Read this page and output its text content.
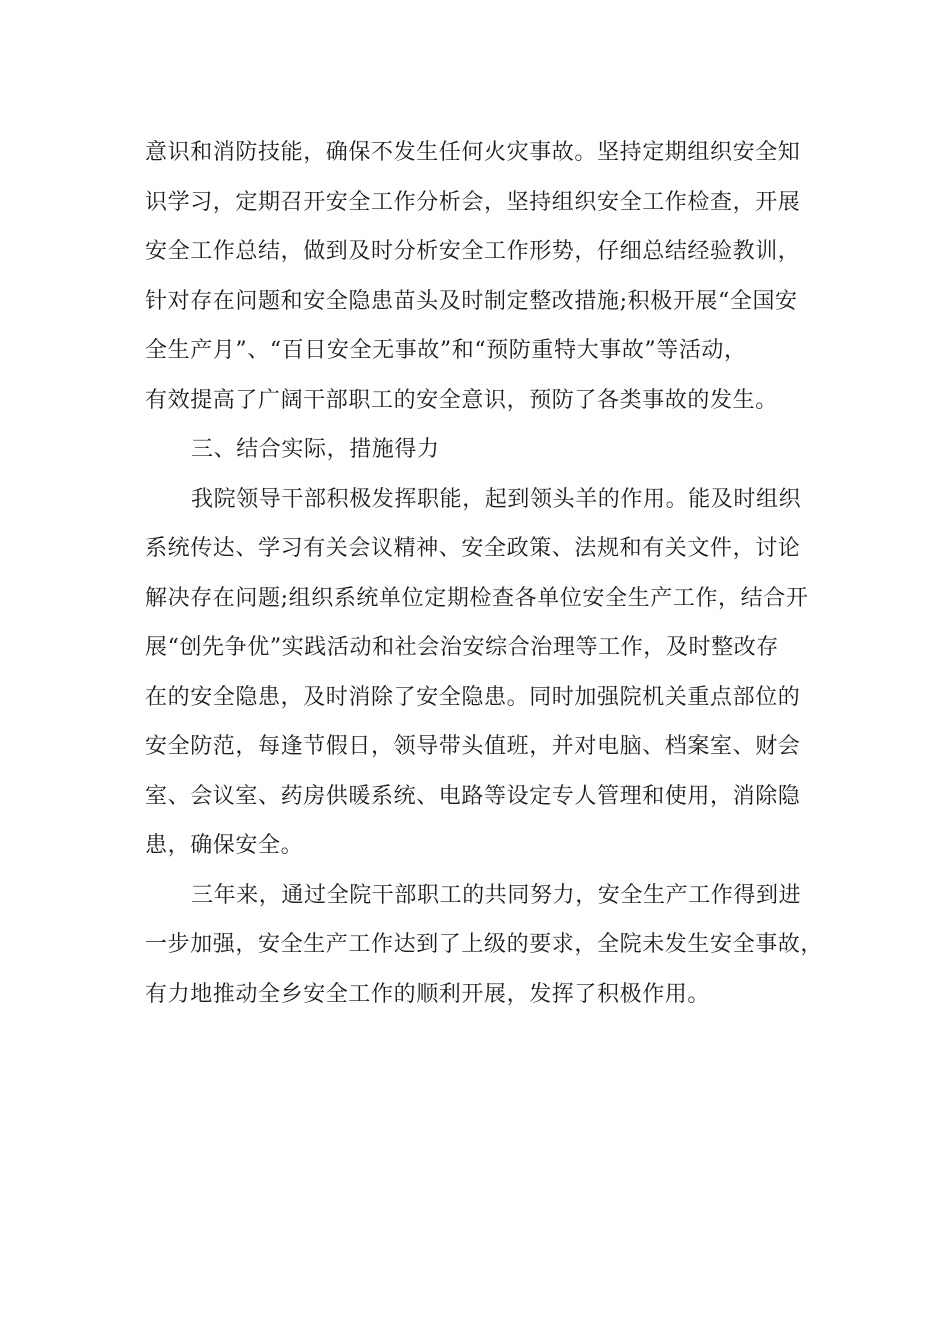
意识和消防技能，确保不发生任何火灾事故。坚持定期组织安全知
识学习，定期召开安全工作分析会，坚持组织安全工作检查，开展
安全工作总结，做到及时分析安全工作形势，仔细总结经验教训，
针对存在问题和安全隐患苗头及时制定整改措施;积极开展“全国安
全生产月”、“百日安全无事故”和“预防重特大事故”等活动，
有效提高了广阔干部职工的安全意识，预防了各类事故的发生。
三、结合实际，措施得力
我院领导干部积极发挥职能，起到领头羊的作用。能及时组织
系统传达、学习有关会议精神、安全政策、法规和有关文件，讨论
解决存在问题;组织系统单位定期检查各单位安全生产工作，结合开
展“创先争优”实践活动和社会治安综合治理等工作，及时整改存
在的安全隐患，及时消除了安全隐患。同时加强院机关重点部位的
安全防范，每逢节假日，领导带头值班，并对电脑、档案室、财会
室、会议室、药房供暖系统、电路等设定专人管理和使用，消除隐
患，确保安全。
三年来，通过全院干部职工的共同努力，安全生产工作得到进
一步加强，安全生产工作达到了上级的要求，全院未发生安全事故，
有力地推动全乡安全工作的顺利开展，发挥了积极作用。
